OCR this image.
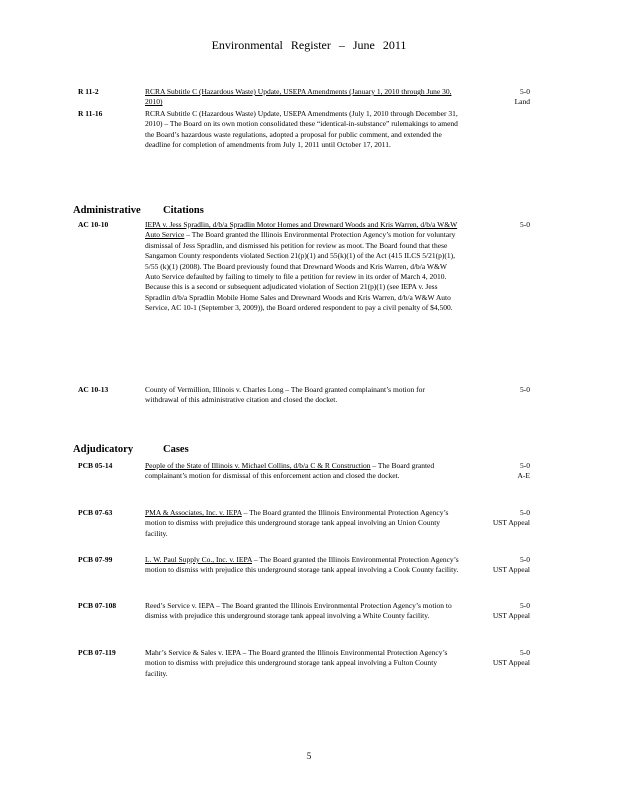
Environmental Register – June 2011
R 11-2	RCRA Subtitle C (Hazardous Waste) Update, USEPA Amendments (January 1, 2010 through June 30, 2010)
5-0
Land
R 11-16	RCRA Subtitle C (Hazardous Waste) Update, USEPA Amendments (July 1, 2010 through December 31, 2010) – The Board on its own motion consolidated these “identical-in-substance” rulemakings to amend the Board’s hazardous waste regulations, adopted a proposal for public comment, and extended the deadline for completion of amendments from July 1, 2011 until October 17, 2011.
Administrative Citations
AC 10-10	IEPA v. Jess Spradlin, d/b/a Spradlin Motor Homes and Drewnard Woods and Kris Warren, d/b/a W&W Auto Service – The Board granted the Illinois Environmental Protection Agency’s motion for voluntary dismissal of Jess Spradlin, and dismissed his petition for review as moot. The Board found that these Sangamon County respondents violated Section 21(p)(1) and 55(k)(1) of the Act (415 ILCS 5/21(p)(1), 5/55 (k)(1) (2008). The Board previously found that Drewnard Woods and Kris Warren, d/b/a W&W Auto Service defaulted by failing to timely to file a petition for review in its order of March 4, 2010. Because this is a second or subsequent adjudicated violation of Section 21(p)(1) (see IEPA v. Jess Spradlin d/b/a Spradlin Mobile Home Sales and Drewnard Woods and Kris Warren, d/b/a W&W Auto Service, AC 10-1 (September 3, 2009)), the Board ordered respondent to pay a civil penalty of $4,500.
5-0
AC 10-13	County of Vermillion, Illinois v. Charles Long – The Board granted complainant’s motion for withdrawal of this administrative citation and closed the docket.
5-0
Adjudicatory	Cases
PCB 05-14	People of the State of Illinois v. Michael Collins, d/b/a C & R Construction – The Board granted complainant’s motion for dismissal of this enforcement action and closed the docket.
5-0
A-E
PCB 07-63	PMA & Associates, Inc. v. IEPA – The Board granted the Illinois Environmental Protection Agency’s motion to dismiss with prejudice this underground storage tank appeal involving an Union County facility.
5-0
UST Appeal
PCB 07-99	L. W. Paul Supply Co., Inc. v. IEPA – The Board granted the Illinois Environmental Protection Agency’s motion to dismiss with prejudice this underground storage tank appeal involving a Cook County facility.
5-0
UST Appeal
PCB 07-108	Reed’s Service v. IEPA – The Board granted the Illinois Environmental Protection Agency’s motion to dismiss with prejudice this underground storage tank appeal involving a White County facility.
5-0
UST Appeal
PCB 07-119	Mahr’s Service & Sales v. IEPA – The Board granted the Illinois Environmental Protection Agency’s motion to dismiss with prejudice this underground storage tank appeal involving a Fulton County facility.
5-0
UST Appeal
5
